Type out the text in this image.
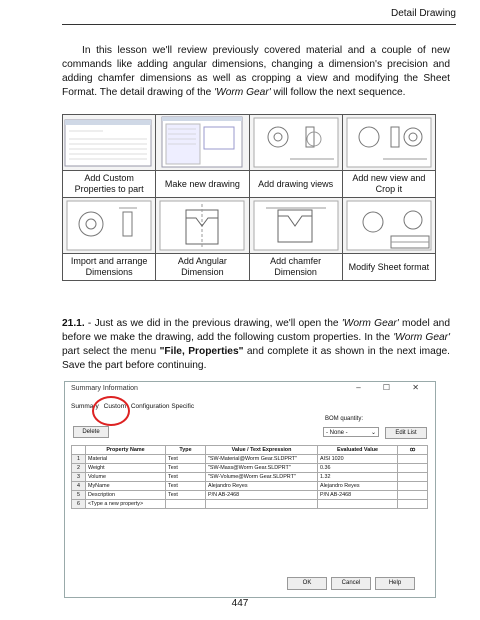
Detail Drawing
In this lesson we'll review previously covered material and a couple of new commands like adding angular dimensions, changing a dimension's precision and adding chamfer dimensions as well as cropping a view and modifying the Sheet Format. The detail drawing of the 'Worm Gear' will follow the next sequence.

Add Custom Properties to part	Make new drawing	Add drawing views	Add new view and Crop it

Import and arrange Dimensions	Add Angular Dimension	Add chamfer Dimension	Modify Sheet format
21.1. - Just as we did in the previous drawing, we'll open the 'Worm Gear' model and before we make the drawing, add the following custom properties. In the 'Worm Gear' part select the menu "File, Properties" and complete it as shown in the next image. Save the part before continuing.
Summary Information	– ☐ ✕
Summary Custom Configuration Specific
Delete
BOM quantity:
- None -	⌄	Edit List
	Property Name	Type	Value / Text Expression	Evaluated Value	ꝏ
1	Material	Text	"SW-Material@Worm Gear.SLDPRT"	AISI 1020	
2	Weight	Text	"SW-Mass@Worm Gear.SLDPRT"	0.36	
3	Volume	Text	"SW-Volume@Worm Gear.SLDPRT"	1.32	
4	MyName	Text	Alejandro Reyes	Alejandro Reyes	
5	Description	Text	P/N AB-2468	P/N AB-2468	
6	<Type a new property>				
OK	Cancel	Help
447
